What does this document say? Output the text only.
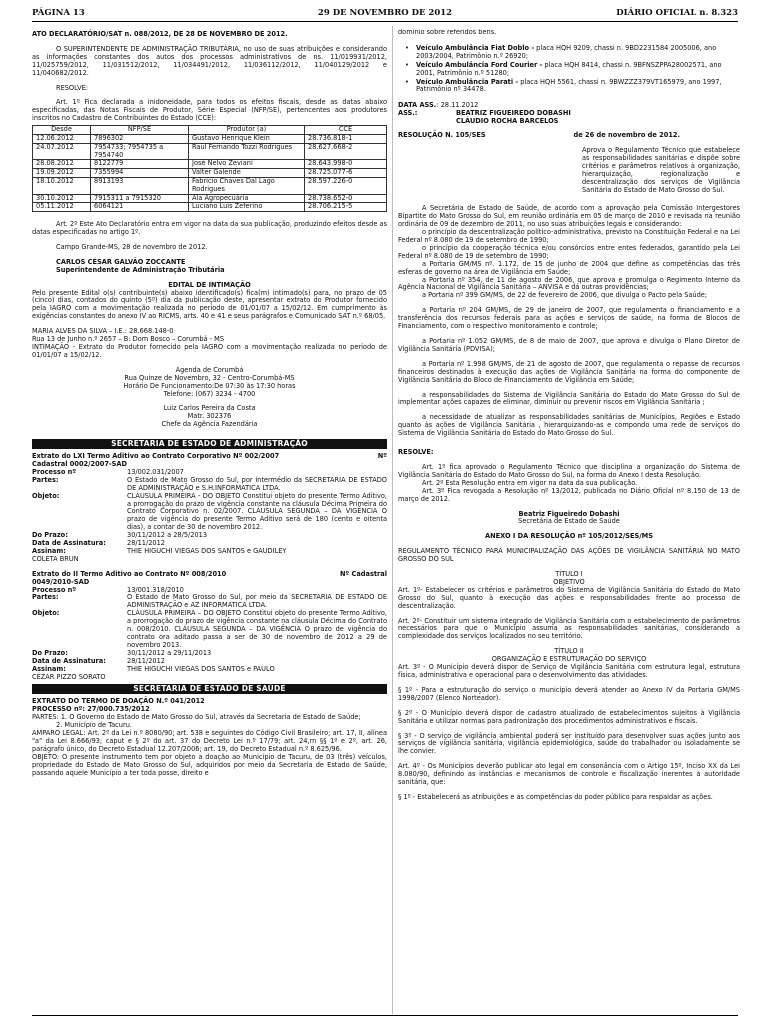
PÁGINA 13	29 DE NOVEMBRO DE 2012	DIÁRIO OFICIAL n. 8.323

ATO DECLARATÓRIO/SAT n. 088/2012, DE 28 DE NOVEMBRO DE 2012.

O SUPERINTENDENTE DE ADMINISTRAÇÃO TRIBUTÁRIA, no uso de suas atribuições e considerando as informações constantes dos autos dos processos administrativos de ns. 11/019931/2012, 11/025759/2012, 11/031512/2012, 11/034491/2012, 11/036112/2012, 11/040129/2012 e 11/040682/2012.

RESOLVE:

Art. 1º Fica declarada a inidoneidade, para todos os efeitos fiscais, desde as datas abaixo especificadas, das Notas Fiscais de Produtor, Série Especial (NFP/SE), pertencentes aos produtores inscritos no Cadastro de Contribuintes do Estado (CCE):

Desde	NFP/SE	Produtor (a)	CCE
12.06.2012	7896302	Gustavo Henrique Klein	28.736.818-1
24.07.2012	7954733; 7954735 a 7954740	Raul Fernando Tozzi Rodrigues	28.627.668-2
28.08.2012	8122779	José Nelvo Zeviani	28.643.998-0
19.09.2012	7355994	Valter Galende	28.725.077-6
18.10.2012	8913193	Fabrício Chaves Dal Lago Rodrigues	28.597.226-0
30.10.2012	7915311 a 7915320	Ala Agropecuária	28.738.652-0
05.11.2012	6064121	Luciano Luis Zeferino	28.706.215-5

Art. 2º Este Ato Declaratório entra em vigor na data da sua publicação, produzindo efeitos desde as datas especificadas no artigo 1º.

Campo Grande-MS, 28 de novembro de 2012.

CARLOS CÉSAR GALVÃO ZOCCANTE

Superintendente de Administração Tributária

EDITAL DE INTIMAÇÃO

Pelo presente Edital o(s) contribuinte(s) abaixo identificado(s) fica(m) intimado(s) para, no prazo de 05 (cinco) dias, contados do quinto (5º) dia da publicação deste, apresentar extrato do Produtor fornecido pela IAGRO com a movimentação realizada no período de 01/01/07 a 15/02/12. Em cumprimento às exigências constantes do anexo IV ao RICMS, arts. 40 e 41 e seus parágrafos e Comunicado SAT n.º 68/05.

MARIA ALVES DA SILVA – I.E.: 28.668.148-0

Rua 13 de Junho n.º 2657 – B: Dom Bosco – Corumbá - MS

INTIMAÇÃO - Extrato do Produtor fornecido pela IAGRO com a movimentação realizada no período de 01/01/07 a 15/02/12.

Agenda de Corumbá

Rua Quinze de Novembro, 32 - Centro-Corumbá-MS

Horário De Funcionamento:De 07:30 às 17:30 horas

Telefone: (067) 3234 - 4700

Luiz Carlos Pereira da Costa

Matr. 302376

Chefe da Agência Fazendária

SECRETARIA DE ESTADO DE ADMINISTRAÇÃO
Extrato do LXI Termo Aditivo ao Contrato Corporativo Nº 002/2007	Nº

Cadastral 0002/2007-SAD

Processo nº	13/002.031/2007
Partes:	O Estado de Mato Grosso do Sul, por intermédio da SECRETARIA DE ESTADO DE ADMINISTRAÇÃO e S.H.INFORMATICA LTDA.
Objeto:	CLÁUSULA PRIMEIRA - DO OBJETO Constitui objeto do presente Termo Aditivo, a prorrogação do prazo de vigência constante na cláusula Décima Primeira do Contrato Corporativo n. 02/2007. CLÁUSULA SEGUNDA – DA VIGÊNCIA O prazo de vigência do presente Termo Aditivo será de 180 (cento e oitenta dias), a contar de 30 de novembro 2012.
Do Prazo:	30/11/2012 a 28/5/2013
Data de Assinatura:	28/11/2012
Assinam:	THIE HIGUCHI VIEGAS DOS SANTOS e GAUDILEY

COLETA BRUN

Extrato do II Termo Aditivo ao Contrato Nº 008/2010	Nº Cadastral

0049/2010-SAD

Processo nº	13/001.318/2010
Partes:	O Estado de Mato Grosso do Sul, por meio da SECRETARIA DE ESTADO DE ADMINISTRAÇÃO e AZ INFORMATICA LTDA.
Objeto:	CLÁUSULA PRIMEIRA – DO OBJETO Constitui objeto do presente Termo Aditivo, a prorrogação do prazo de vigência constante na cláusula Décima do Contrato n. 008/2010. CLÁUSULA SEGUNDA – DA VIGÊNCIA O prazo de vigência do contrato ora aditado passa a ser de 30 de novembro de 2012 a 29 de novembro 2013.
Do Prazo:	30/11/2012 a 29/11/2013
Data de Assinatura:	28/11/2012
Assinam:	THIE HIGUCHI VIEGAS DOS SANTOS e PAULO

CÉZAR PIZZO SORATO

SECRETARIA DE ESTADO DE SAÚDE

EXTRATO DO TERMO DE DOAÇÃO N.º 041/2012

PROCESSO nº: 27/000.735/2012

PARTES: 1. O Governo do Estado de Mato Grosso do Sul, através da Secretaria de Estado de Saúde;

2. Município de Tacuru.

AMPARO LEGAL: Art. 2º da Lei n.º 8080/90; art. 538 e seguintes do Código Civil Brasileiro; art. 17, II, alínea "a" da Lei 8.666/93; caput e § 2º do art. 37 do Decreto Lei n.º 17/79; art. 24,rn §§ 1º e 2º, art. 26, parágrafo único, do Decreto Estadual 12.207/2006; art. 19, do Decreto Estadual n.º 8.625/96.

OBJETO: O presente instrumento tem por objeto a doação ao Município de Tacuru, de 03 (três) veículos, propriedade do Estado de Mato Grosso do Sul, adquiridos por meio da Secretaria de Estado de Saúde, passando aquele Município a ter toda posse, direito e

domínio sobre referidos bens.

•	Veículo Ambulância Fiat Doblo - placa HQH 9209, chassi n. 9BD2231584 2005006, ano 2003/2004, Patrimônio n.º 26920;
•	Veículo Ambulância Ford Courier - placa HQH 8414, chassi n. 9BFNSZPPA28002571, ano 2001, Patrimônio n.º 51280;
•	Veículo Ambulância Parati - placa HQH 5561, chassi n. 9BWZZZ379VT165979, ano 1997, Patrimônio nº 34478.

DATA ASS.: 28.11.2012

ASS.:	BEATRIZ FIGUEIREDO DOBASHI

CLÁUDIO ROCHA BARCELOS

RESOLUÇÃO N. 105/SES	de 26 de novembro de 2012.

Aprova o Regulamento Técnico que estabelece as responsabilidades sanitárias e dispõe sobre critérios e parâmetros relativos à organização, hierarquização, regionalização e descentralização dos serviços de Vigilância Sanitária do Estado de Mato Grosso do Sul.

A Secretária de Estado de Saúde, de acordo com a aprovação pela Comissão Intergestores Bipartite do Mato Grosso do Sul, em reunião ordinária em 05 de março de 2010 e revisada na reunião ordinária de 09 de dezembro de 2011, no uso suas atribuições legais e considerando:

o princípio da descentralização político-administrativa, previsto na Constituição Federal e na Lei Federal nº 8.080 de 19 de setembro de 1990;

o princípio da cooperação técnica e/ou consórcios entre entes federados, garantido pela Lei Federal nº 8.080 de 19 de setembro de 1990;

a Portaria GM/MS nº. 1.172, de 15 de junho de 2004 que define as competências das três esferas de governo na área de Vigilância em Saúde;

a Portaria nº 354, de 11 de agosto de 2006, que aprova e promulga o Regimento Interno da Agência Nacional de Vigilância Sanitária – ANVISA e dá outras providências;

a Portaria nº 399 GM/MS, de 22 de fevereiro de 2006, que divulga o Pacto pela Saúde;

a Portaria nº 204 GM/MS, de 29 de janeiro de 2007, que regulamenta o financiamento e a transferência dos recursos federais para as ações e serviços de saúde, na forma de Blocos de Financiamento, com o respectivo monitoramento e controle;

a Portaria nº 1.052 GM/MS, de 8 de maio de 2007, que aprova e divulga o Plano Diretor de Vigilância Sanitária (PDVISA);

a Portaria nº 1.998 GM/MS, de 21 de agosto de 2007, que regulamenta o repasse de recursos financeiros destinados à execução das ações de Vigilância Sanitária na forma do componente de Vigilância Sanitária do Bloco de Financiamento de Vigilância em Saúde;

a responsabilidades do Sistema de Vigilância Sanitária do Estado do Mato Grosso do Sul de implementar ações capazes de eliminar, diminuir ou prevenir riscos em Vigilância Sanitária ;

a necessidade de atualizar as responsabilidades sanitárias de Municípios, Regiões e Estado quanto às ações de Vigilância Sanitária , hierarquizando-as e compondo uma rede de serviços do Sistema de Vigilância Sanitária do Estado do Mato Grosso do Sul.

RESOLVE:

Art. 1º fica aprovado o Regulamento Técnico que disciplina a organização do Sistema de Vigilância Sanitária do Estado do Mato Grosso do Sul, na forma do Anexo I desta Resolução.

Art. 2º Esta Resolução entra em vigor na data da sua publicação.

Art. 3º Fica revogada a Resolução nº 13/2012, publicada no Diário Oficial nº 8.150 de 13 de março de 2012.

Beatriz Figueiredo Dobashi

Secretária de Estado de Saúde

ANEXO I DA RESOLUÇÃO nº 105/2012/SES/MS

REGULAMENTO TÉCNICO PARA MUNICIPALIZAÇÃO DAS AÇÕES DE VIGILÂNCIA SANITÁRIA NO MATO GROSSO DO SUL

TÍTULO I

OBJETIVO

Art. 1º- Estabelecer os critérios e parâmetros do Sistema de Vigilância Sanitária do Estado do Mato Grosso do Sul, quanto à execução das ações e responsabilidades frente ao processo de descentralização.

Art. 2º- Constituir um sistema integrado de Vigilância Sanitária com o estabelecimento de parâmetros necessários para que o Município assuma as responsabilidades sanitárias, considerando a complexidade dos serviços localizados no seu território.

TÍTULO II

ORGANIZAÇÃO E ESTRUTURAÇÃO DO SERVIÇO

Art. 3º - O Município deverá dispor de Serviço de Vigilância Sanitária com estrutura legal, estrutura física, administrativa e operacional para o desenvolvimento das atividades.

§ 1º - Para a estruturação do serviço o município deverá atender ao Anexo IV da Portaria GM/MS 1998/2007 (Elenco Norteador).

§ 2º - O Município deverá dispor de cadastro atualizado de estabelecimentos sujeitos à Vigilância Sanitária e utilizar normas para padronização dos procedimentos administrativos e fiscais.

§ 3º - O serviço de vigilância ambiental poderá ser instituído para desenvolver suas ações junto aos serviços de vigilância sanitária, vigilância epidemiológica, saúde do trabalhador ou isoladamente se lhe convier.

Art. 4º - Os Municípios deverão publicar ato legal em consonância com o Artigo 15º, Inciso XX da Lei 8.080/90, definindo as instâncias e mecanismos de controle e fiscalização inerentes à autoridade sanitária, que:

§ 1º - Estabelecerá as atribuições e as competências do poder público para respaldar as ações.
